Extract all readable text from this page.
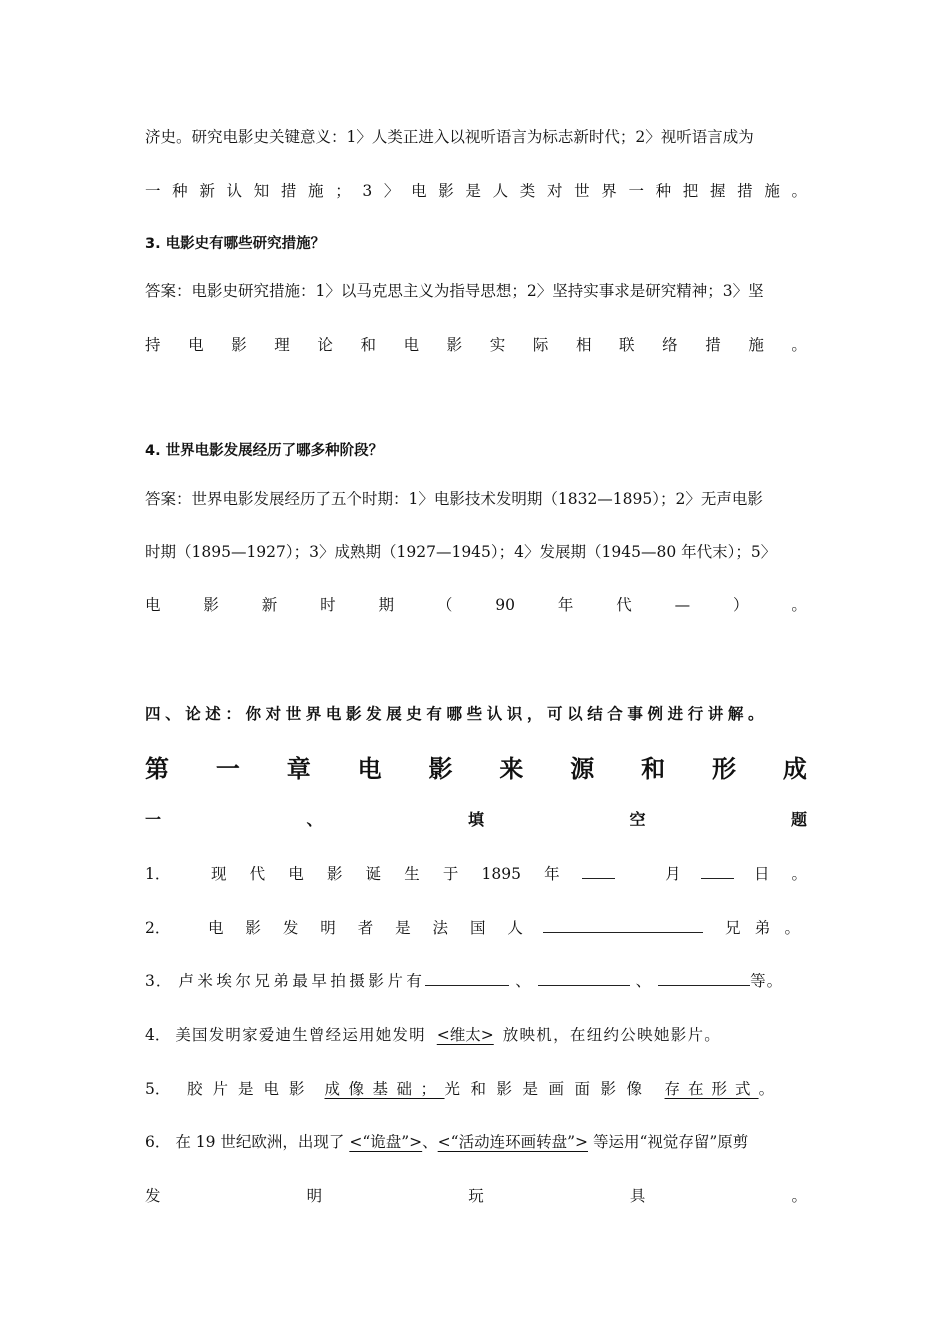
济史。研究电影史关键意义：1〉人类正进入以视听语言为标志新时代；2〉视听语言成为
一 种 新 认 知 措 施 ； 3 〉 电 影 是 人 类 对 世 界 一 种 把 握 措 施 。
3. 电影史有哪些研究措施？
答案：电影史研究措施：1〉以马克思主义为指导思想；2〉坚持实事求是研究精神；3〉坚
持 电 影 理 论 和 电 影 实 际 相 联 络 措 施 。
4. 世界电影发展经历了哪多种阶段？
答案：世界电影发展经历了五个时期：1〉电影技术发明期（1832—1895）；2〉无声电影
时期（1895—1927）；3〉成熟期（1927—1945）；4〉发展期（1945—80 年代末）；5〉
电	影	新	时	期	（	90	年	代	—	）	。
四、论述：你对世界电影发展史有哪些认识，可以结合事例进行讲解。
第 一 章 电 影 来 源 和 形 成
一	、	填	空	题
1．	现 代 电 影 诞 生 于 1895 年	月	日 。
2．	电 影 发 明 者 是 法 国 人	兄 弟 。
3． 卢米埃尔兄弟最早拍摄影片有	、	、	等。
4． 美国发明家爱迪生曾经运用她发明 <维太> 放映机，在纽约公映她影片。
5．	胶片是电影 成像基础； 光和影是画面影像 存在形式 。
6． 在 19 世纪欧洲，出现了 <“诡盘”>、<“活动连环画转盘”> 等运用“视觉存留”原剪
发	明	玩	具	。
